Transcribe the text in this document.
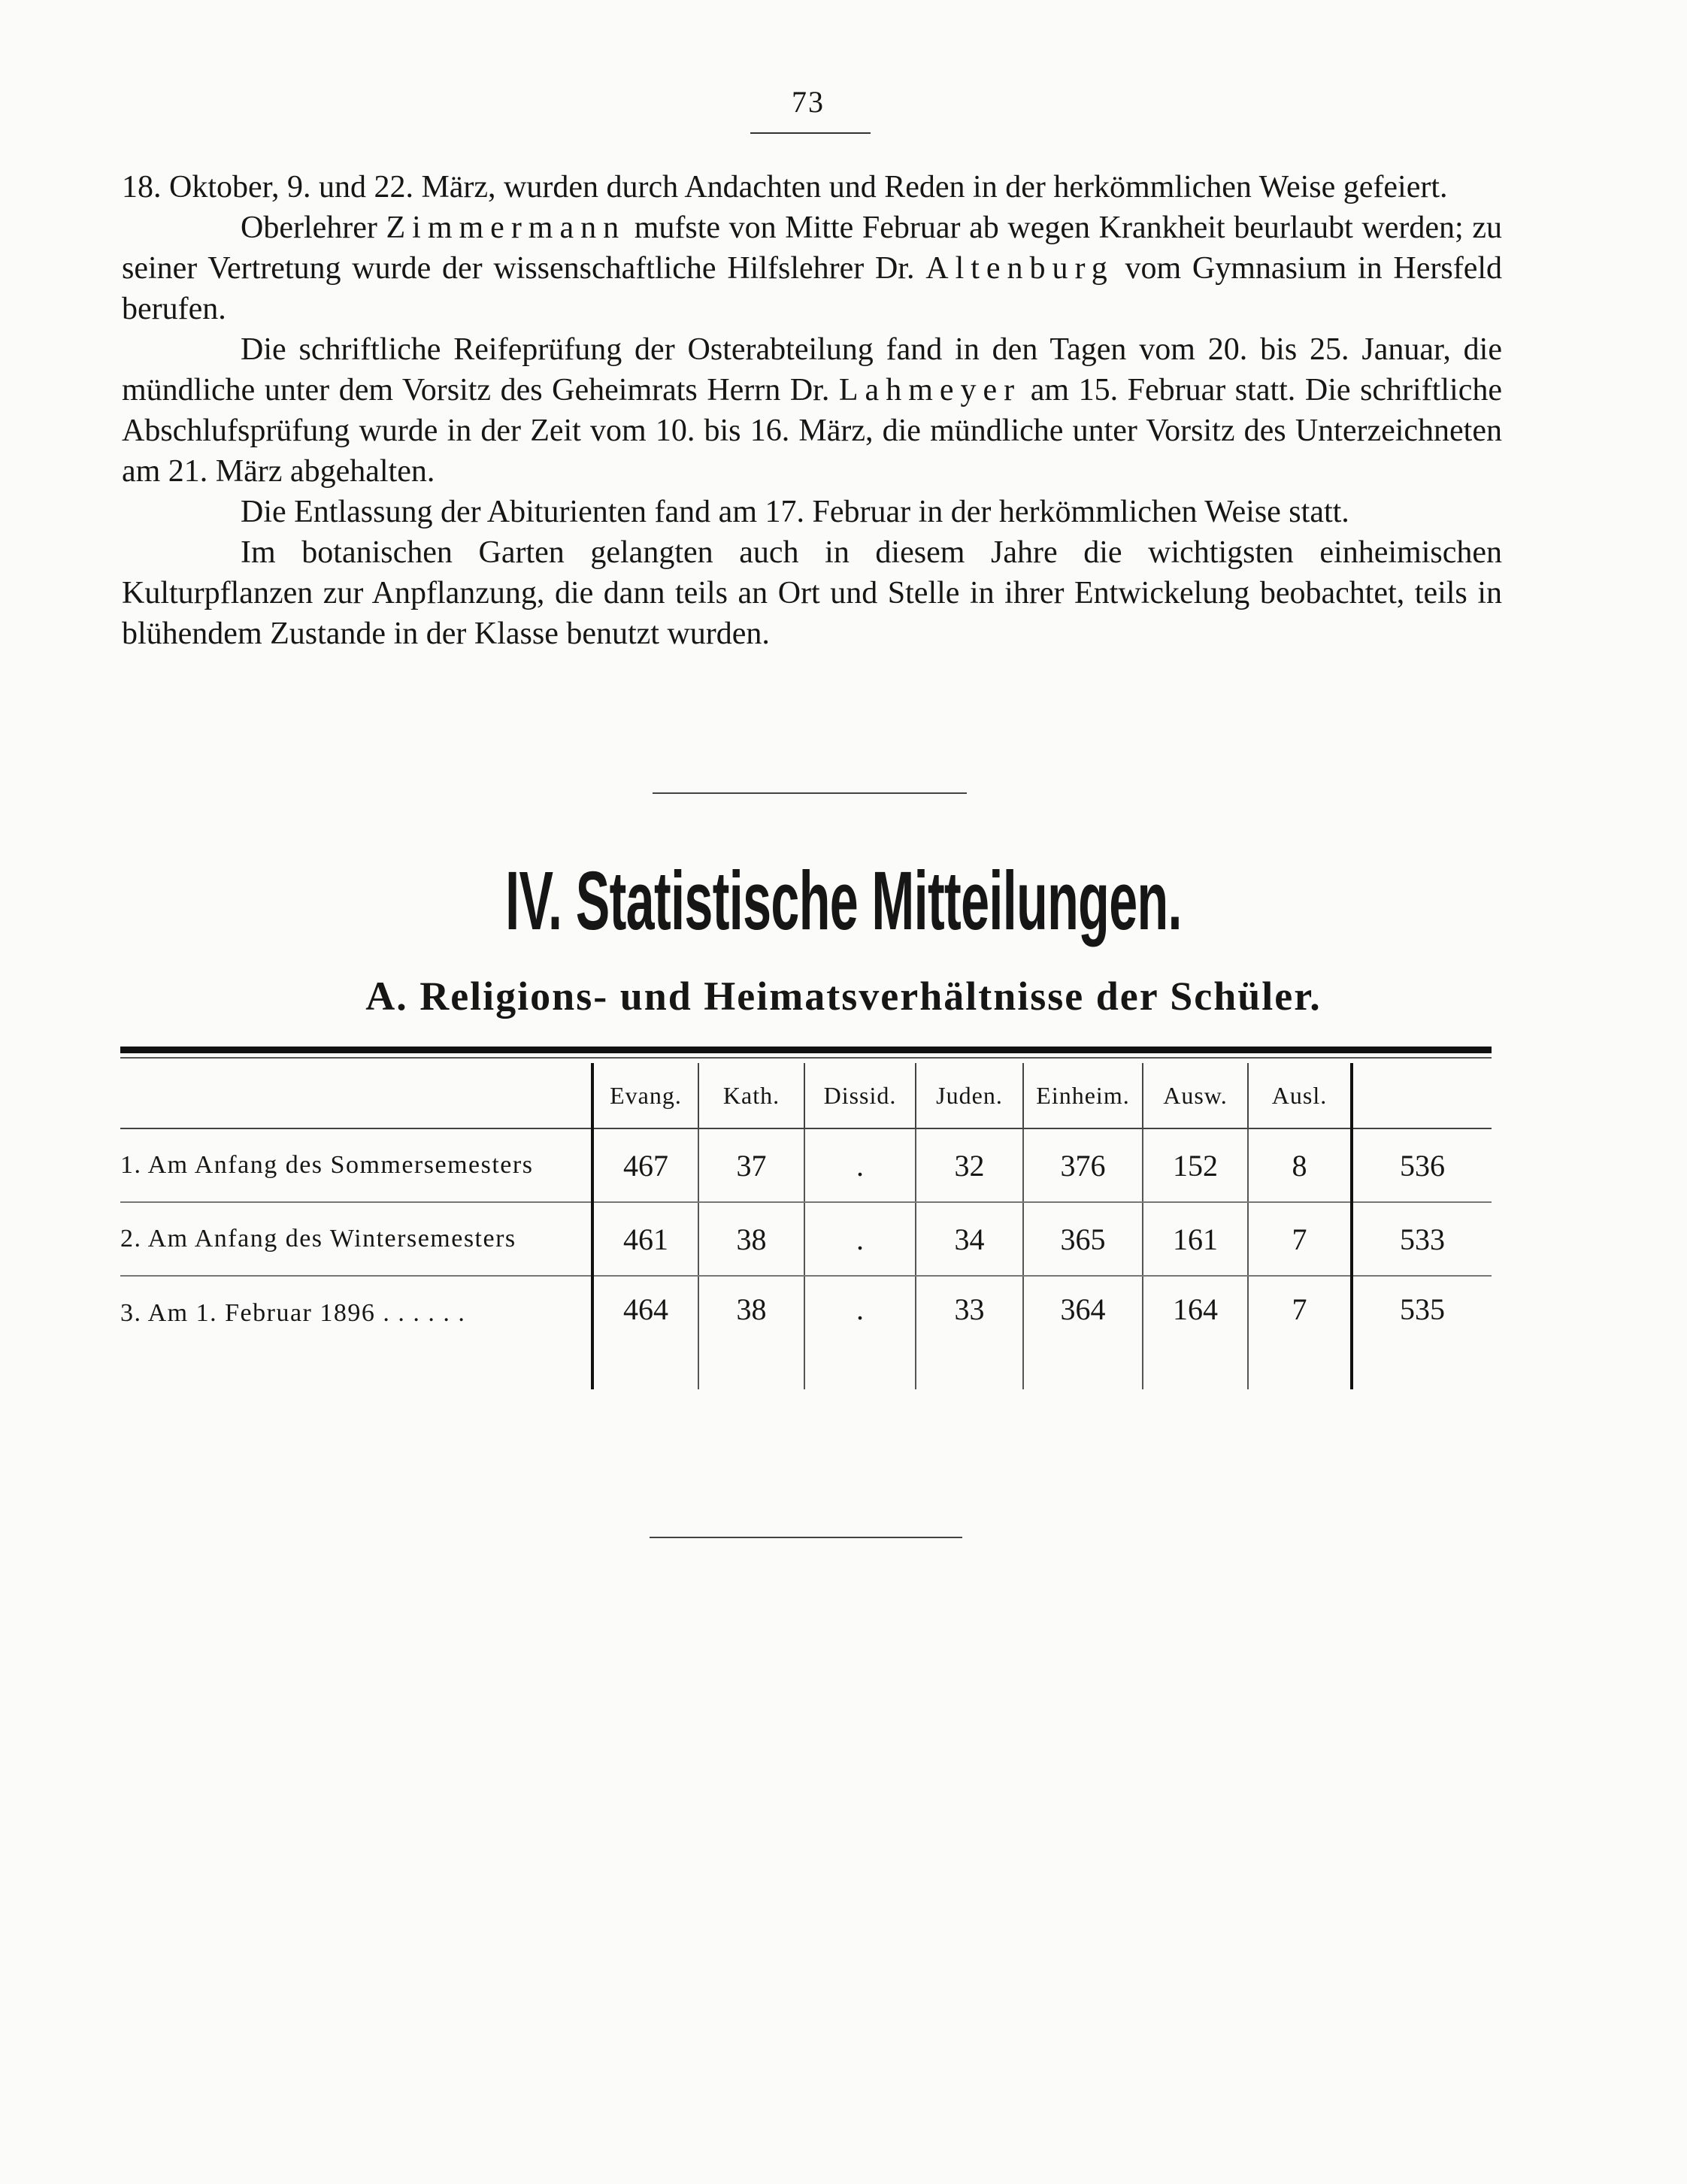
73

18. Oktober, 9. und 22. März, wurden durch Andachten und Reden in der herkömmlichen Weise gefeiert.

Oberlehrer Zimmermann mufste von Mitte Februar ab wegen Krankheit beurlaubt werden; zu seiner Vertretung wurde der wissenschaftliche Hilfslehrer Dr. Altenburg vom Gymnasium in Hersfeld berufen.

Die schriftliche Reifeprüfung der Osterabteilung fand in den Tagen vom 20. bis 25. Januar, die mündliche unter dem Vorsitz des Geheimrats Herrn Dr. Lahmeyer am 15. Februar statt. Die schriftliche Abschlufsprüfung wurde in der Zeit vom 10. bis 16. März, die mündliche unter Vorsitz des Unterzeichneten am 21. März abgehalten.

Die Entlassung der Abiturienten fand am 17. Februar in der herkömmlichen Weise statt.

Im botanischen Garten gelangten auch in diesem Jahre die wichtigsten einheimischen Kulturpflanzen zur Anpflanzung, die dann teils an Ort und Stelle in ihrer Entwickelung beobachtet, teils in blühendem Zustande in der Klasse benutzt wurden.

IV. Statistische Mitteilungen.
A. Religions- und Heimatsverhältnisse der Schüler.
	Evang.	Kath.	Dissid.	Juden.	Einheim.	Ausw.	Ausl.	
1. Am Anfang des Sommersemesters	467	37	.	32	376	152	8	536
2. Am Anfang des Wintersemesters	461	38	.	34	365	161	7	533
3. Am 1. Februar 1896 . . . . . .	464	38	.	33	364	164	7	535
